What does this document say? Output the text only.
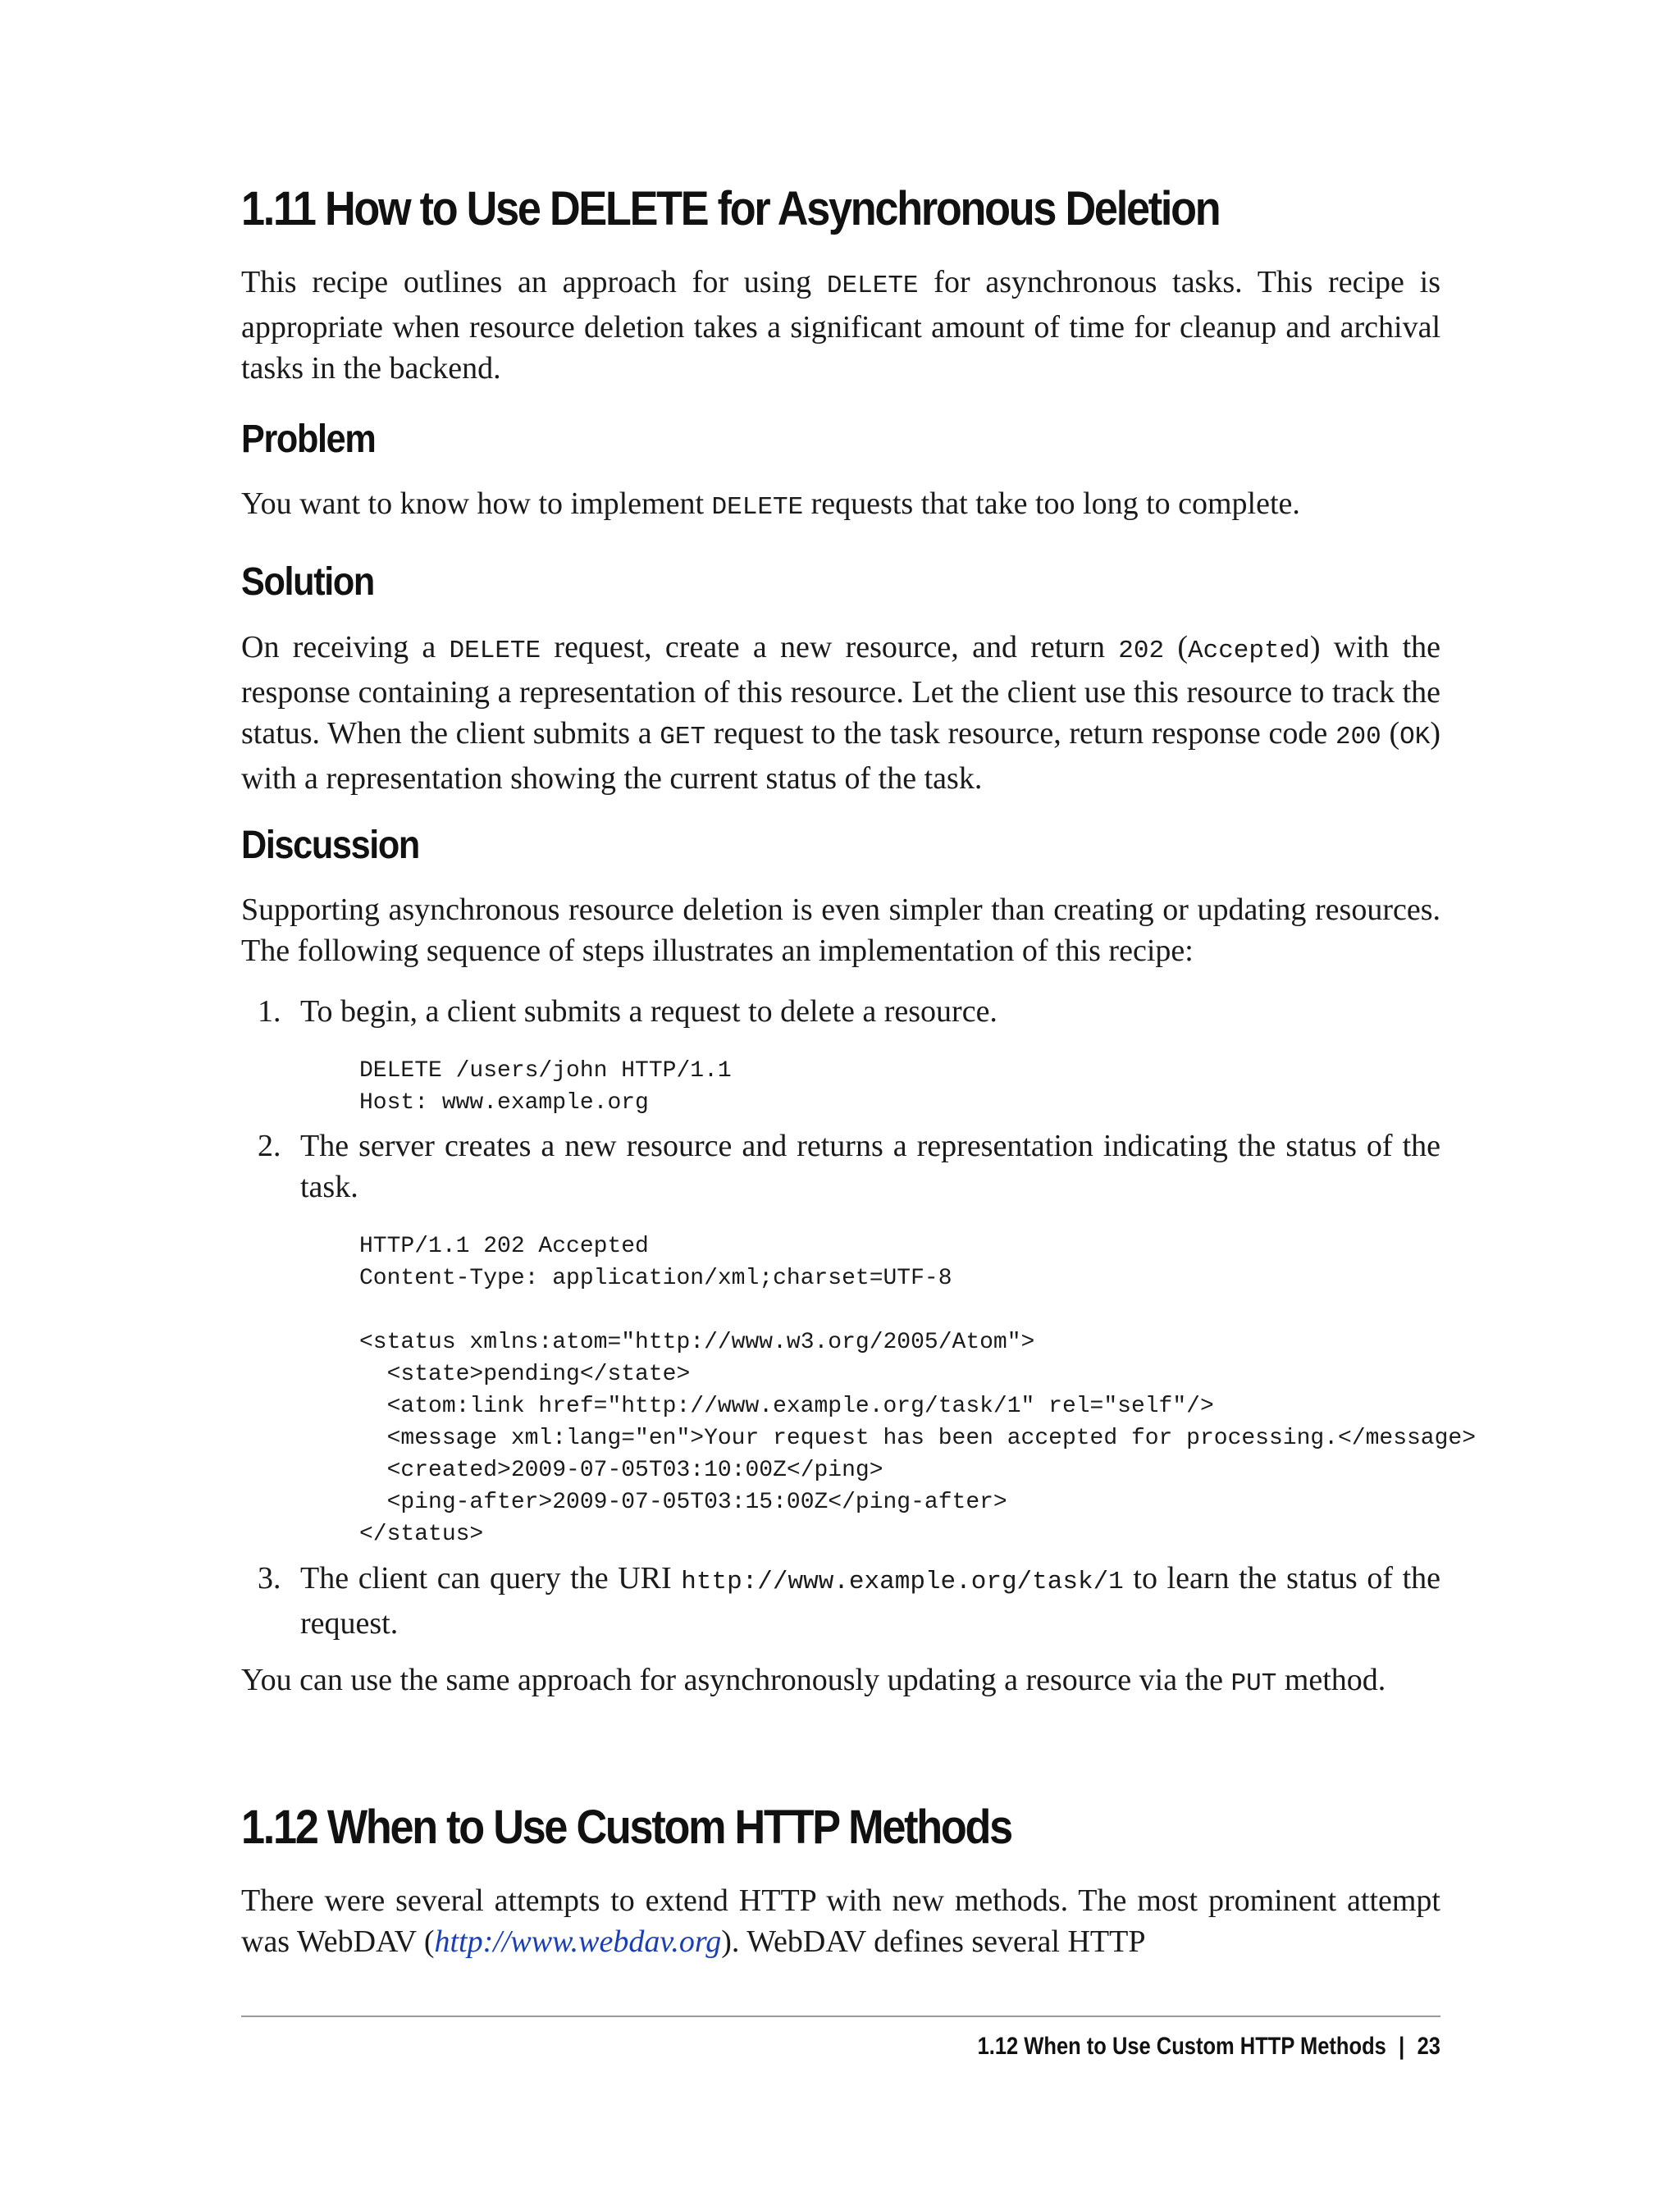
1.11 How to Use DELETE for Asynchronous Deletion

This recipe outlines an approach for using DELETE for asynchronous tasks. This recipe is appropriate when resource deletion takes a significant amount of time for cleanup and archival tasks in the backend.

Problem

You want to know how to implement DELETE requests that take too long to complete.

Solution

On receiving a DELETE request, create a new resource, and return 202 (Accepted) with the response containing a representation of this resource. Let the client use this resource to track the status. When the client submits a GET request to the task resource, return response code 200 (OK) with a representation showing the current status of the task.

Discussion

Supporting asynchronous resource deletion is even simpler than creating or updating resources. The following sequence of steps illustrates an implementation of this recipe:

1. To begin, a client submits a request to delete a resource.

DELETE /users/john HTTP/1.1
Host: www.example.org
2. The server creates a new resource and returns a representation indicating the status of the task.

HTTP/1.1 202 Accepted
Content-Type: application/xml;charset=UTF-8

<status xmlns:atom="http://www.w3.org/2005/Atom">
<state>pending</state>
<atom:link href="http://www.example.org/task/1" rel="self"/>
<message xml:lang="en">Your request has been accepted for processing.</message>
<created>2009-07-05T03:10:00Z</ping>
<ping-after>2009-07-05T03:15:00Z</ping-after>
</status>
3. The client can query the URI http://www.example.org/task/1 to learn the status of the request.

You can use the same approach for asynchronously updating a resource via the PUT method.

1.12 When to Use Custom HTTP Methods

There were several attempts to extend HTTP with new methods. The most prominent attempt was WebDAV (http://www.webdav.org). WebDAV defines several HTTP

1.12 When to Use Custom HTTP Methods | 23
